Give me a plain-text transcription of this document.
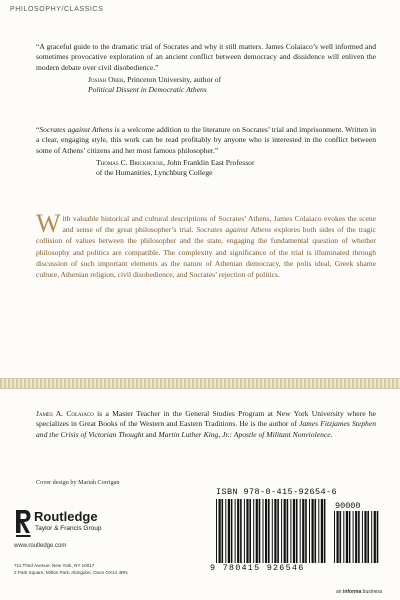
PHILOSOPHY/CLASSICS

“A graceful guide to the dramatic trial of Socrates and why it still matters. James Colaiaco’s well informed and sometimes provocative exploration of an ancient conflict between democracy and dissidence will enliven the modern debate over civil disobedience.”

Josiah Ober, Princeton University, author of
Political Dissent in Democratic Athens

“Socrates against Athens is a welcome addition to the literature on Socrates’ trial and imprisonment. Written in a clear, engaging style, this work can be read profitably by anyone who is interested in the conflict between some of Athens’ citizens and her most famous philosopher.”

Thomas C. Brickhouse, John Franklin East Professor
of the Humanities, Lynchburg College
With valuable historical and cultural descriptions of Socrates’ Athens, James Colaiaco evokes the scene and sense of the great philosopher’s trial. Socrates against Athens explores both sides of the tragic collision of values between the philosopher and the state, engaging the fundamental question of whether philosophy and politics are compatible. The complexity and significance of the trial is illuminated through discussion of such important elements as the nature of Athenian democracy, the polis ideal, Greek shame culture, Athenian religion, civil disobedience, and Socrates’ rejection of politics.
James A. Colaiaco is a Master Teacher in the General Studies Program at New York University where he specializes in Great Books of the Western and Eastern Traditions. He is the author of James Fitzjames Stephen and the Crisis of Victorian Thought and Martin Luther King, Jr.: Apostle of Militant Nonviolence.
Cover design by Mariah Corrigan
Routledge
Taylor & Francis Group
www.routledge.com
711 Third Avenue, New York, NY 10017
2 Park Square, Milton Park, Abingdon, Oxon OX14 4RN
ISBN 978-0-415-92654-6
90000
9 780415 926546
an informa business
